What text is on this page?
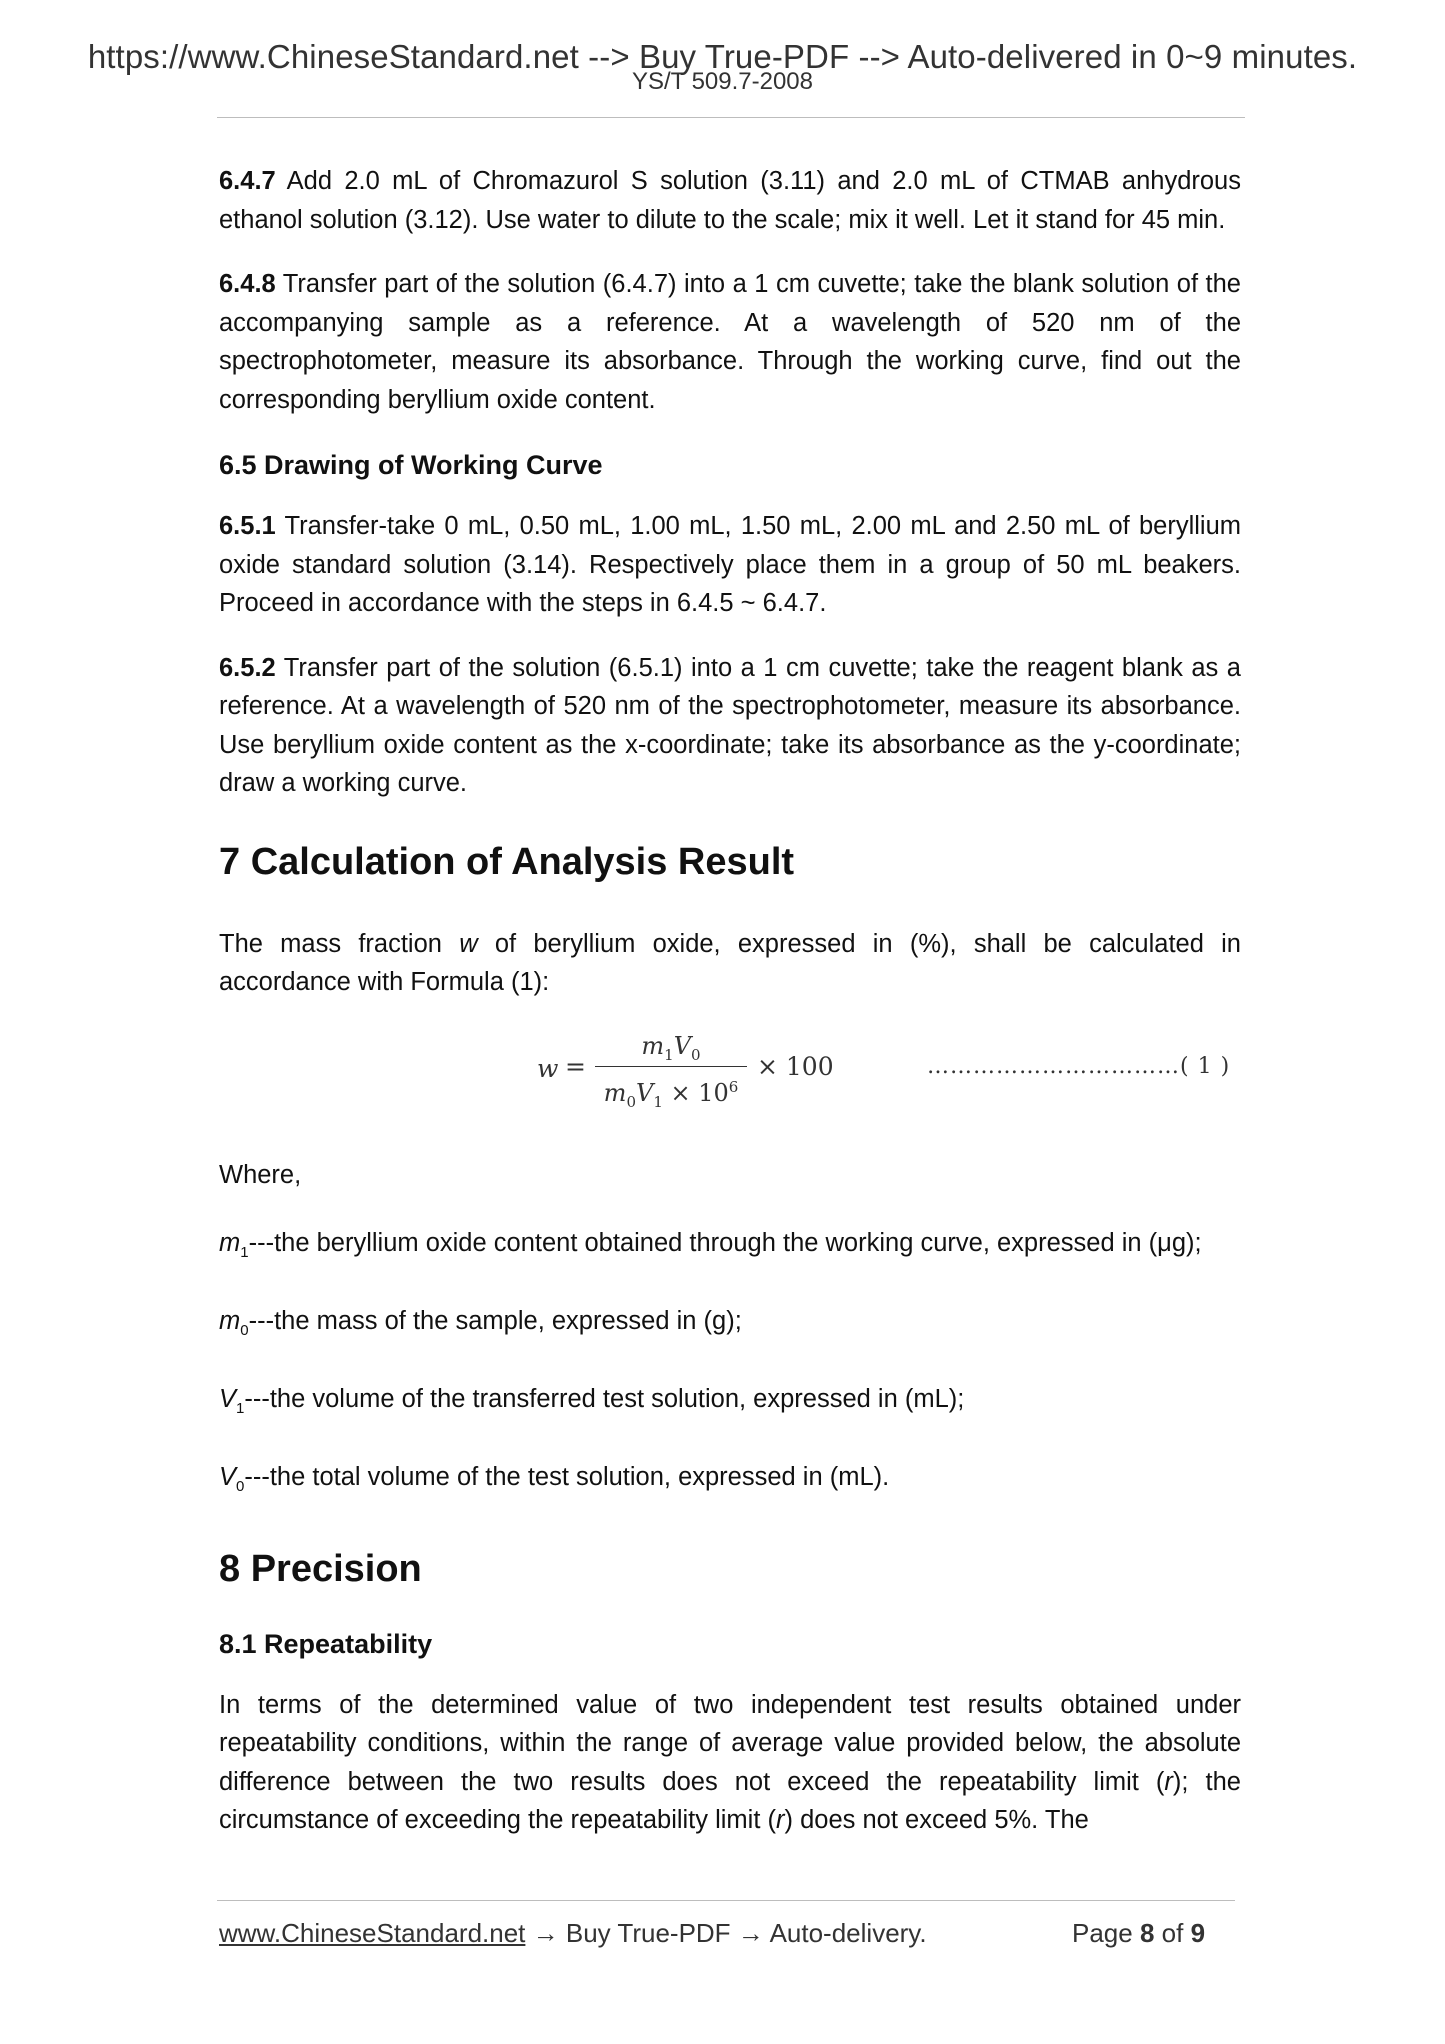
https://www.ChineseStandard.net --> Buy True-PDF --> Auto-delivered in 0~9 minutes.
YS/T 509.7-2008

6.4.7 Add 2.0 mL of Chromazurol S solution (3.11) and 2.0 mL of CTMAB anhydrous ethanol solution (3.12). Use water to dilute to the scale; mix it well. Let it stand for 45 min.

6.4.8 Transfer part of the solution (6.4.7) into a 1 cm cuvette; take the blank solution of the accompanying sample as a reference. At a wavelength of 520 nm of the spectrophotometer, measure its absorbance. Through the working curve, find out the corresponding beryllium oxide content.

6.5 Drawing of Working Curve

6.5.1 Transfer-take 0 mL, 0.50 mL, 1.00 mL, 1.50 mL, 2.00 mL and 2.50 mL of beryllium oxide standard solution (3.14). Respectively place them in a group of 50 mL beakers. Proceed in accordance with the steps in 6.4.5 ~ 6.4.7.

6.5.2 Transfer part of the solution (6.5.1) into a 1 cm cuvette; take the reagent blank as a reference. At a wavelength of 520 nm of the spectrophotometer, measure its absorbance. Use beryllium oxide content as the x-coordinate; take its absorbance as the y-coordinate; draw a working curve.

7 Calculation of Analysis Result

The mass fraction w of beryllium oxide, expressed in (%), shall be calculated in accordance with Formula (1):

w =
$m_1V_0$
$m_0V_1 \times 10^6$
× 100	……………………………( 1 )

Where,

$m_1--$-the beryllium oxide content obtained through the working curve, expressed in (μg);

$m_0--$-the mass of the sample, expressed in (g);

$V_1--$-the volume of the transferred test solution, expressed in (mL);

$V_0--$-the total volume of the test solution, expressed in (mL).

8 Precision
8.1 Repeatability

In terms of the determined value of two independent test results obtained under repeatability conditions, within the range of average value provided below, the absolute difference between the two results does not exceed the repeatability limit (r); the circumstance of exceeding the repeatability limit (r) does not exceed 5%. The

www.ChineseStandard.net → Buy True-PDF → Auto-delivery.	Page 8 of 9
